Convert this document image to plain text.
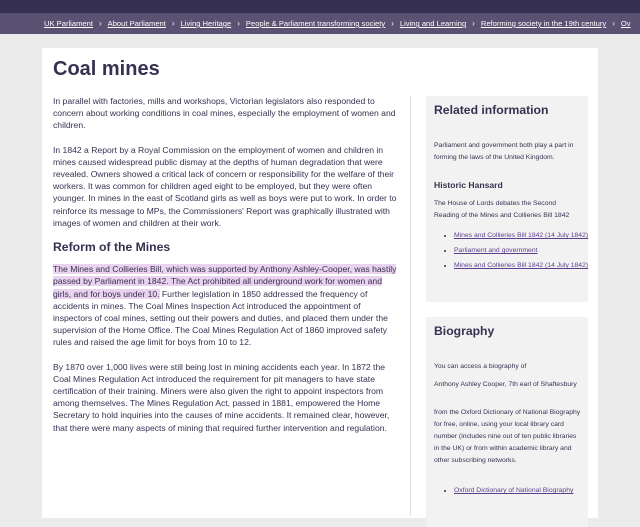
UK Parliament › About Parliament › Living Heritage › People & Parliament transforming society › Living and Learning › Reforming society in the 19th century › Ov
Coal mines

In parallel with factories, mills and workshops, Victorian legislators also responded to concern about working conditions in coal mines, especially the employment of women and children.

In 1842 a Report by a Royal Commission on the employment of women and children in mines caused widespread public dismay at the depths of human degradation that were revealed. Owners showed a critical lack of concern or responsibility for the welfare of their workers. It was common for children aged eight to be employed, but they were often younger. In mines in the east of Scotland girls as well as boys were put to work. In order to reinforce its message to MPs, the Commissioners' Report was graphically illustrated with images of women and children at their work.

Reform of the Mines

The Mines and Collieries Bill, which was supported by Anthony Ashley-Cooper, was hastily passed by Parliament in 1842. The Act prohibited all underground work for women and girls, and for boys under 10. Further legislation in 1850 addressed the frequency of accidents in mines. The Coal Mines Inspection Act introduced the appointment of inspectors of coal mines, setting out their powers and duties, and placed them under the supervision of the Home Office. The Coal Mines Regulation Act of 1860 improved safety rules and raised the age limit for boys from 10 to 12.

By 1870 over 1,000 lives were still being lost in mining accidents each year. In 1872 the Coal Mines Regulation Act introduced the requirement for pit managers to have state certification of their training. Miners were also given the right to appoint inspectors from among themselves. The Mines Regulation Act, passed in 1881, empowered the Home Secretary to hold inquiries into the causes of mine accidents. It remained clear, however, that there were many aspects of mining that required further intervention and regulation.

Related information
Parliament and government both play a part in forming the laws of the United Kingdom.
Historic Hansard
The House of Lords debates the Second Reading of the Mines and Collieries Bill 1842
• Mines and Collieries Bill 1842 (14 July 1842)
• Parliament and government
• Mines and Collieries Bill 1842 (14 July 1842)
Biography
You can access a biography of
Anthony Ashley Cooper, 7th earl of Shaftesbury
from the Oxford Dictionary of National Biography for free, online, using your local library card number (includes nine out of ten public libraries in the UK) or from within academic library and other subscribing networks.
• Oxford Dictionary of National Biography
